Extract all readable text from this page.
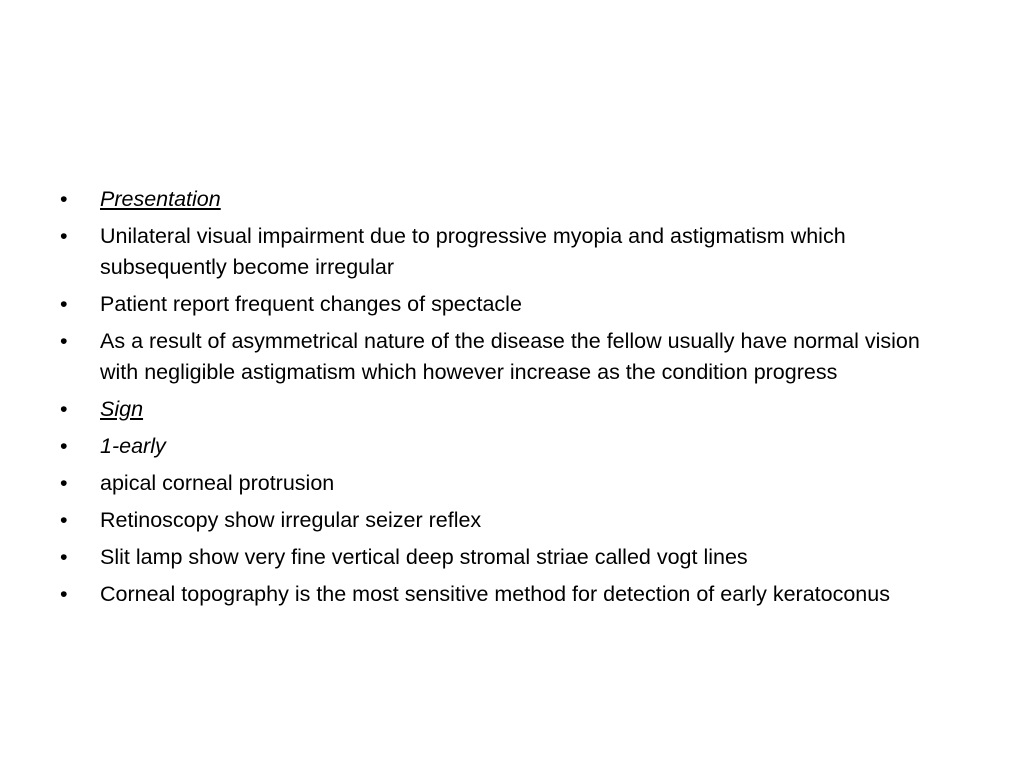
•	Presentation
•	Unilateral visual impairment due to progressive myopia and astigmatism which subsequently become irregular
•	Patient report frequent changes of spectacle
•	As a result of asymmetrical nature of the disease the fellow usually have normal vision with negligible astigmatism which however increase as the condition progress
•	Sign
•	1-early
•	apical corneal protrusion
•	Retinoscopy show irregular seizer reflex
•	Slit lamp show very fine vertical deep stromal striae called vogt lines
•	Corneal topography is the most sensitive method for detection of early keratoconus
